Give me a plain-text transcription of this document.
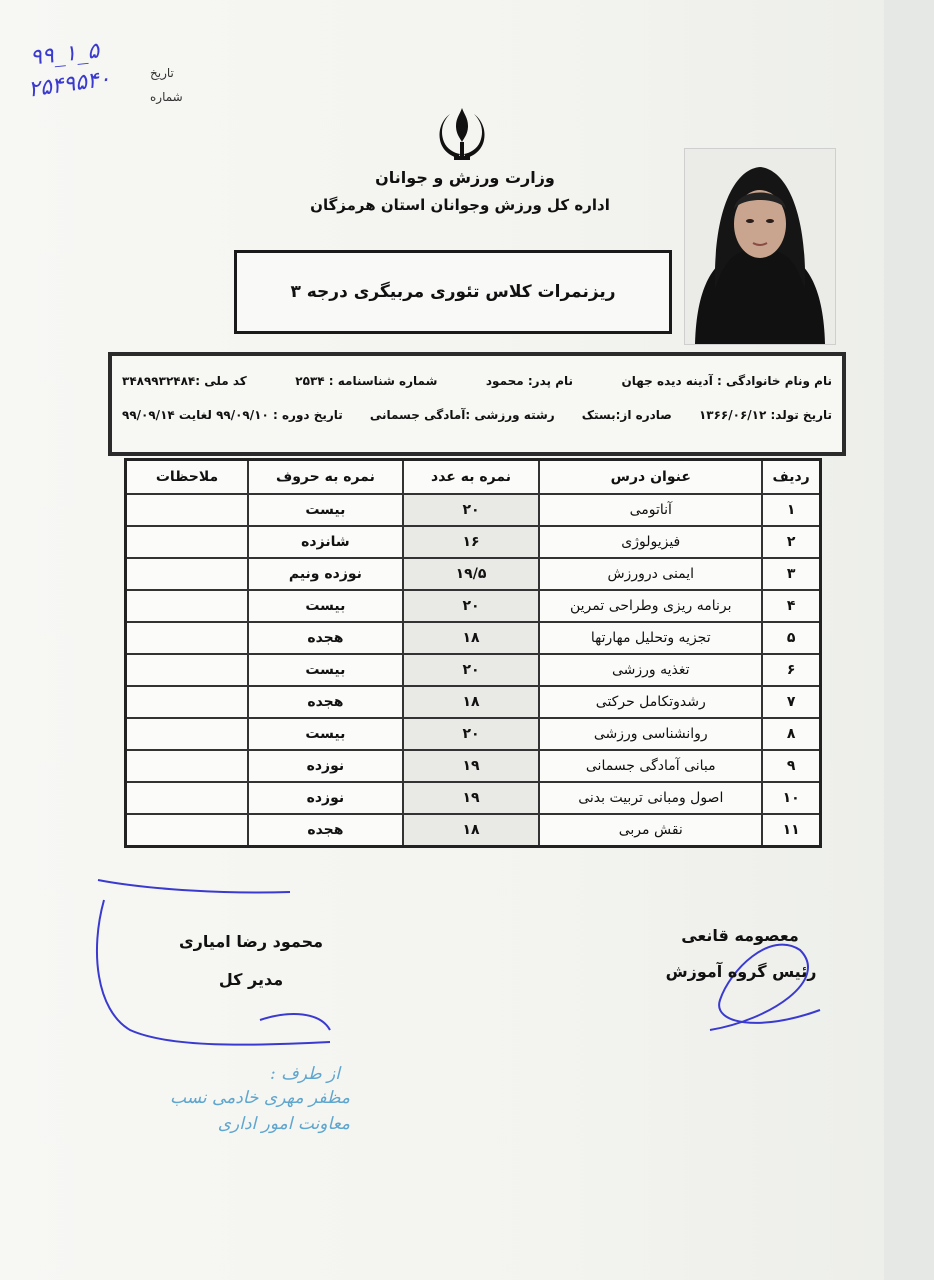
تاریخ
شماره
۹۹_۱_۵
۲۵۴۹۵۴۰
وزارت ورزش و جوانان
اداره کل ورزش وجوانان استان هرمزگان
ریزنمرات کلاس تئوری مربیگری درجه ۳
نام ونام خانوادگی : آدینه دیده جهان
نام پدر: محمود
شماره شناسنامه : ۲۵۳۴
کد ملی :۳۴۸۹۹۳۲۴۸۴
تاریخ تولد: ۱۳۶۶/۰۶/۱۲
صادره از:بستک
رشته ورزشی :آمادگی جسمانی
تاریخ دوره : ۹۹/۰۹/۱۰ لغایت ۹۹/۰۹/۱۴
ردیف	عنوان درس	نمره به عدد	نمره به حروف	ملاحظات
۱	آناتومی	۲۰	بیست	
۲	فیزیولوژی	۱۶	شانزده	
۳	ایمنی درورزش	۱۹/۵	نوزده ونیم	
۴	برنامه ریزی وطراحی تمرین	۲۰	بیست	
۵	تجزیه وتحلیل مهارتها	۱۸	هجده	
۶	تغذیه ورزشی	۲۰	بیست	
۷	رشدوتکامل حرکتی	۱۸	هجده	
۸	روانشناسی ورزشی	۲۰	بیست	
۹	مبانی آمادگی جسمانی	۱۹	نوزده	
۱۰	اصول ومبانی تربیت بدنی	۱۹	نوزده	
۱۱	نقش مربی	۱۸	هجده	
محمود رضا امیاری
مدیر کل
معصومه قانعی
رئیس گروه آموزش
از طرف :
مظفر مهری خادمی نسب
معاونت امور اداری
